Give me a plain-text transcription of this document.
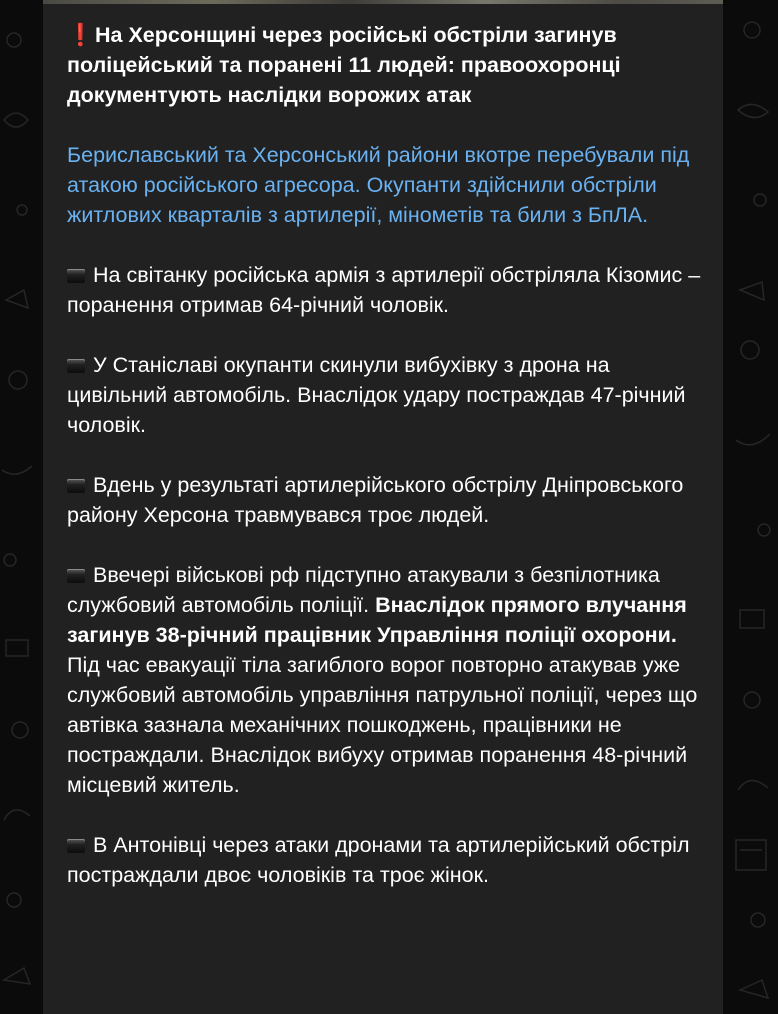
❗На Херсонщині через російські обстріли загинув поліцейський та поранені 11 людей: правоохоронці документують наслідки ворожих атак

Бериславський та Херсонський райони вкотре перебували під атакою російського агресора. Окупанти здійснили обстріли житлових кварталів з артилерії, мінометів та били з БпЛА.

На світанку російська армія з артилерії обстріляла Кізомис – поранення отримав 64-річний чоловік.

У Станіславі окупанти скинули вибухівку з дрона на цивільний автомобіль. Внаслідок удару постраждав 47-річний чоловік.

Вдень у результаті артилерійського обстрілу Дніпровського району Херсона травмувався троє людей.

Ввечері військові рф підступно атакували з безпілотника службовий автомобіль поліції. Внаслідок прямого влучання загинув 38-річний працівник Управління поліції охорони. Під час евакуації тіла загиблого ворог повторно атакував уже службовий автомобіль управління патрульної поліції, через що автівка зазнала механічних пошкоджень, працівники не постраждали. Внаслідок вибуху отримав поранення 48-річний місцевий житель.

В Антонівці через атаки дронами та артилерійський обстріл постраждали двоє чоловіків та троє жінок.
